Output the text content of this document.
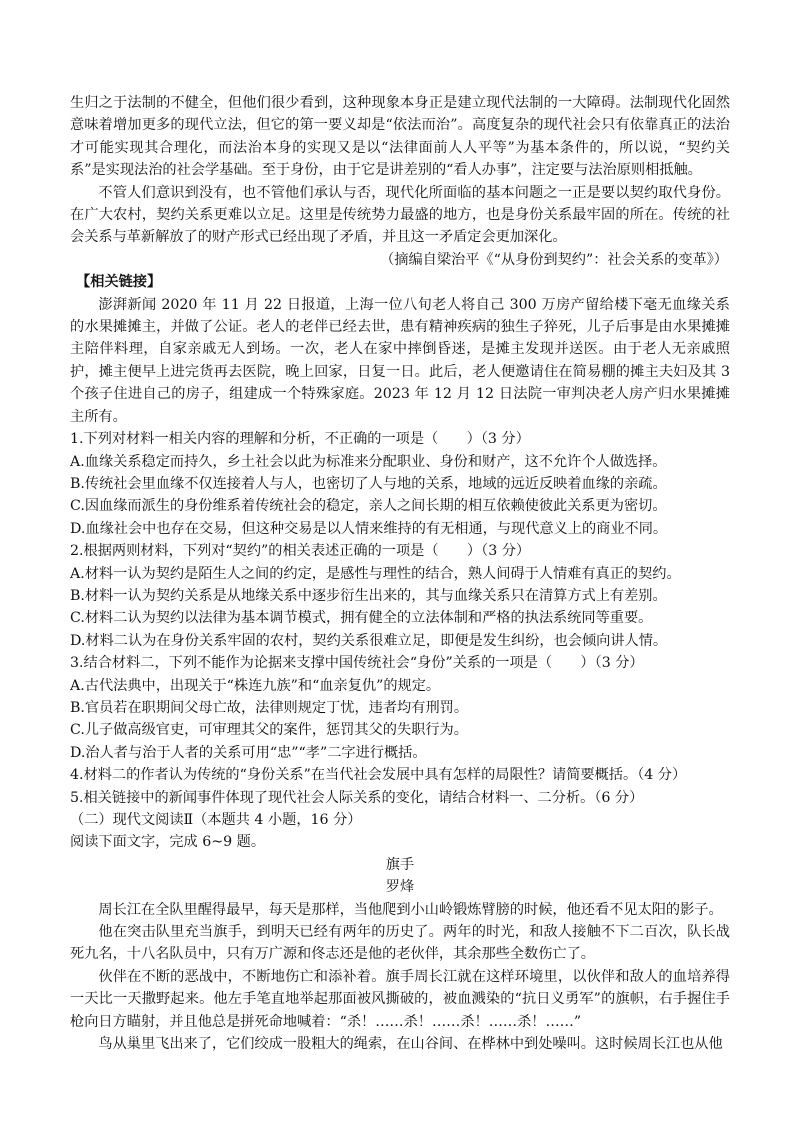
生归之于法制的不健全，但他们很少看到，这种现象本身正是建立现代法制的一大障碍。法制现代化固然意味着增加更多的现代立法，但它的第一要义却是“依法而治”。高度复杂的现代社会只有依靠真正的法治才可能实现其合理化，而法治本身的实现又是以“法律面前人人平等”为基本条件的，所以说，“契约关系”是实现法治的社会学基础。至于身份，由于它是讲差别的“看人办事”，注定要与法治原则相抵触。

不管人们意识到没有，也不管他们承认与否，现代化所面临的基本问题之一正是要以契约取代身份。在广大农村，契约关系更难以立足。这里是传统势力最盛的地方，也是身份关系最牢固的所在。传统的社会关系与革新解放了的财产形式已经出现了矛盾，并且这一矛盾定会更加深化。

（摘编自梁治平《“从身份到契约”：社会关系的变革》）

【相关链接】

澎湃新闻 2020 年 11 月 22 日报道，上海一位八旬老人将自己 300 万房产留给楼下毫无血缘关系的水果摊摊主，并做了公证。老人的老伴已经去世，患有精神疾病的独生子猝死，儿子后事是由水果摊摊主陪伴料理，自家亲戚无人到场。一次，老人在家中摔倒昏迷，是摊主发现并送医。由于老人无亲戚照护，摊主便早上进完货再去医院，晚上回家，日复一日。此后，老人便邀请住在简易棚的摊主夫妇及其 3 个孩子住进自己的房子，组建成一个特殊家庭。2023 年 12 月 12 日法院一审判决老人房产归水果摊摊主所有。

1.下列对材料一相关内容的理解和分析，不正确的一项是（　　）（3 分）

A.血缘关系稳定而持久，乡土社会以此为标准来分配职业、身份和财产，这不允许个人做选择。

B.传统社会里血缘不仅连接着人与人，也密切了人与地的关系，地域的远近反映着血缘的亲疏。

C.因血缘而派生的身份维系着传统社会的稳定，亲人之间长期的相互依赖使彼此关系更为密切。

D.血缘社会中也存在交易，但这种交易是以人情来维持的有无相通，与现代意义上的商业不同。

2.根据两则材料，下列对“契约”的相关表述正确的一项是（　　）（3 分）

A.材料一认为契约是陌生人之间的约定，是感性与理性的结合，熟人间碍于人情难有真正的契约。

B.材料一认为契约关系是从地缘关系中逐步衍生出来的，其与血缘关系只在清算方式上有差别。

C.材料二认为契约以法律为基本调节模式，拥有健全的立法体制和严格的执法系统同等重要。

D.材料二认为在身份关系牢固的农村，契约关系很难立足，即便是发生纠纷，也会倾向讲人情。

3.结合材料二，下列不能作为论据来支撑中国传统社会“身份”关系的一项是（　　）（3 分）

A.古代法典中，出现关于“株连九族”和“血亲复仇”的规定。

B.官员若在职期间父母亡故，法律则规定丁忧，违者均有刑罚。

C.儿子做高级官吏，可审理其父的案件，惩罚其父的失职行为。

D.治人者与治于人者的关系可用“忠”“孝”二字进行概括。

4.材料二的作者认为传统的“身份关系”在当代社会发展中具有怎样的局限性？请简要概括。（4 分）

5.相关链接中的新闻事件体现了现代社会人际关系的变化，请结合材料一、二分析。（6 分）

（二）现代文阅读Ⅱ（本题共 4 小题，16 分）

阅读下面文字，完成 6~9 题。

旗手

罗烽

周长江在全队里醒得最早，每天是那样，当他爬到小山岭锻炼臂膀的时候，他还看不见太阳的影子。

他在突击队里充当旗手，到明天已经有两年的历史了。两年的时光，和敌人接触不下二百次，队长战死九名，十八名队员中，只有万广源和佟志还是他的老伙伴，其余那些全数伤亡了。

伙伴在不断的恶战中，不断地伤亡和添补着。旗手周长江就在这样环境里，以伙伴和敌人的血培养得一天比一天撒野起来。他左手笔直地举起那面被风撕破的，被血溅染的“抗日义勇军”的旗帜，右手握住手枪向日方瞄射，并且他总是拼死命地喊着：“杀！……杀！……杀！……杀！……”

鸟从巢里飞出来了，它们绞成一股粗大的绳索，在山谷间、在桦林中到处噪叫。这时候周长江也从他
